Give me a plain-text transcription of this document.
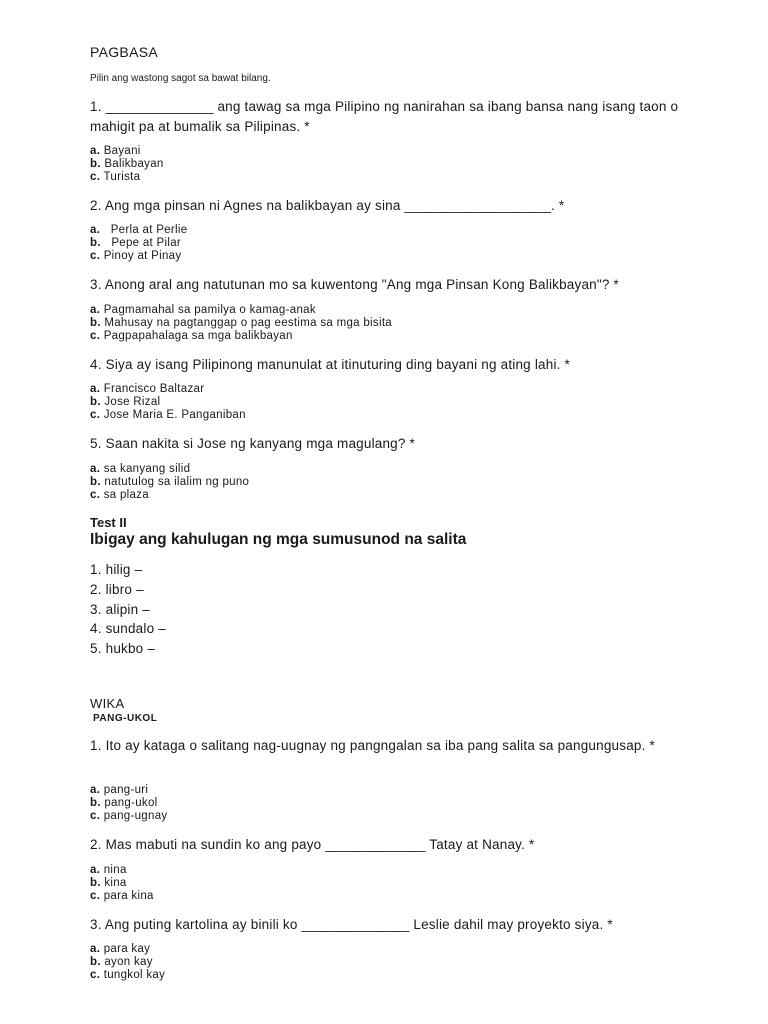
PAGBASA
Pilin ang wastong sagot sa bawat bilang.
1. ______________ ang tawag sa mga Pilipino ng nanirahan sa ibang bansa nang isang taon o mahigit pa at bumalik sa Pilipinas. *
a. Bayani
b. Balikbayan
c. Turista
2. Ang mga pinsan ni Agnes na balikbayan ay sina ___________________. *
a.   Perla at Perlie
b.   Pepe at Pilar
c. Pinoy at Pinay
3. Anong aral ang natutunan mo sa kuwentong "Ang mga Pinsan Kong Balikbayan"? *
a. Pagmamahal sa pamilya o kamag-anak
b. Mahusay na pagtanggap o pag eestima sa mga bisita
c. Pagpapahalaga sa mga balikbayan
4. Siya ay isang Pilipinong manunulat at itinuturing ding bayani ng ating lahi. *
a. Francisco Baltazar
b. Jose Rizal
c. Jose Maria E. Panganiban
5. Saan nakita si Jose ng kanyang mga magulang? *
a. sa kanyang silid
b. natutulog sa ilalim ng puno
c. sa plaza
Test II
Ibigay ang kahulugan ng mga sumusunod na salita
1. hilig –
2. libro –
3. alipin –
4. sundalo –
5. hukbo –
WIKA
PANG-UKOL
1. Ito ay kataga o salitang nag-uugnay ng pangngalan sa iba pang salita sa pangungusap. *
a. pang-uri
b. pang-ukol
c. pang-ugnay
2. Mas mabuti na sundin ko ang payo _____________ Tatay at Nanay. *
a. nina
b. kina
c. para kina
3. Ang puting kartolina ay binili ko ______________ Leslie dahil may proyekto siya. *
a. para kay
b. ayon kay
c. tungkol kay
